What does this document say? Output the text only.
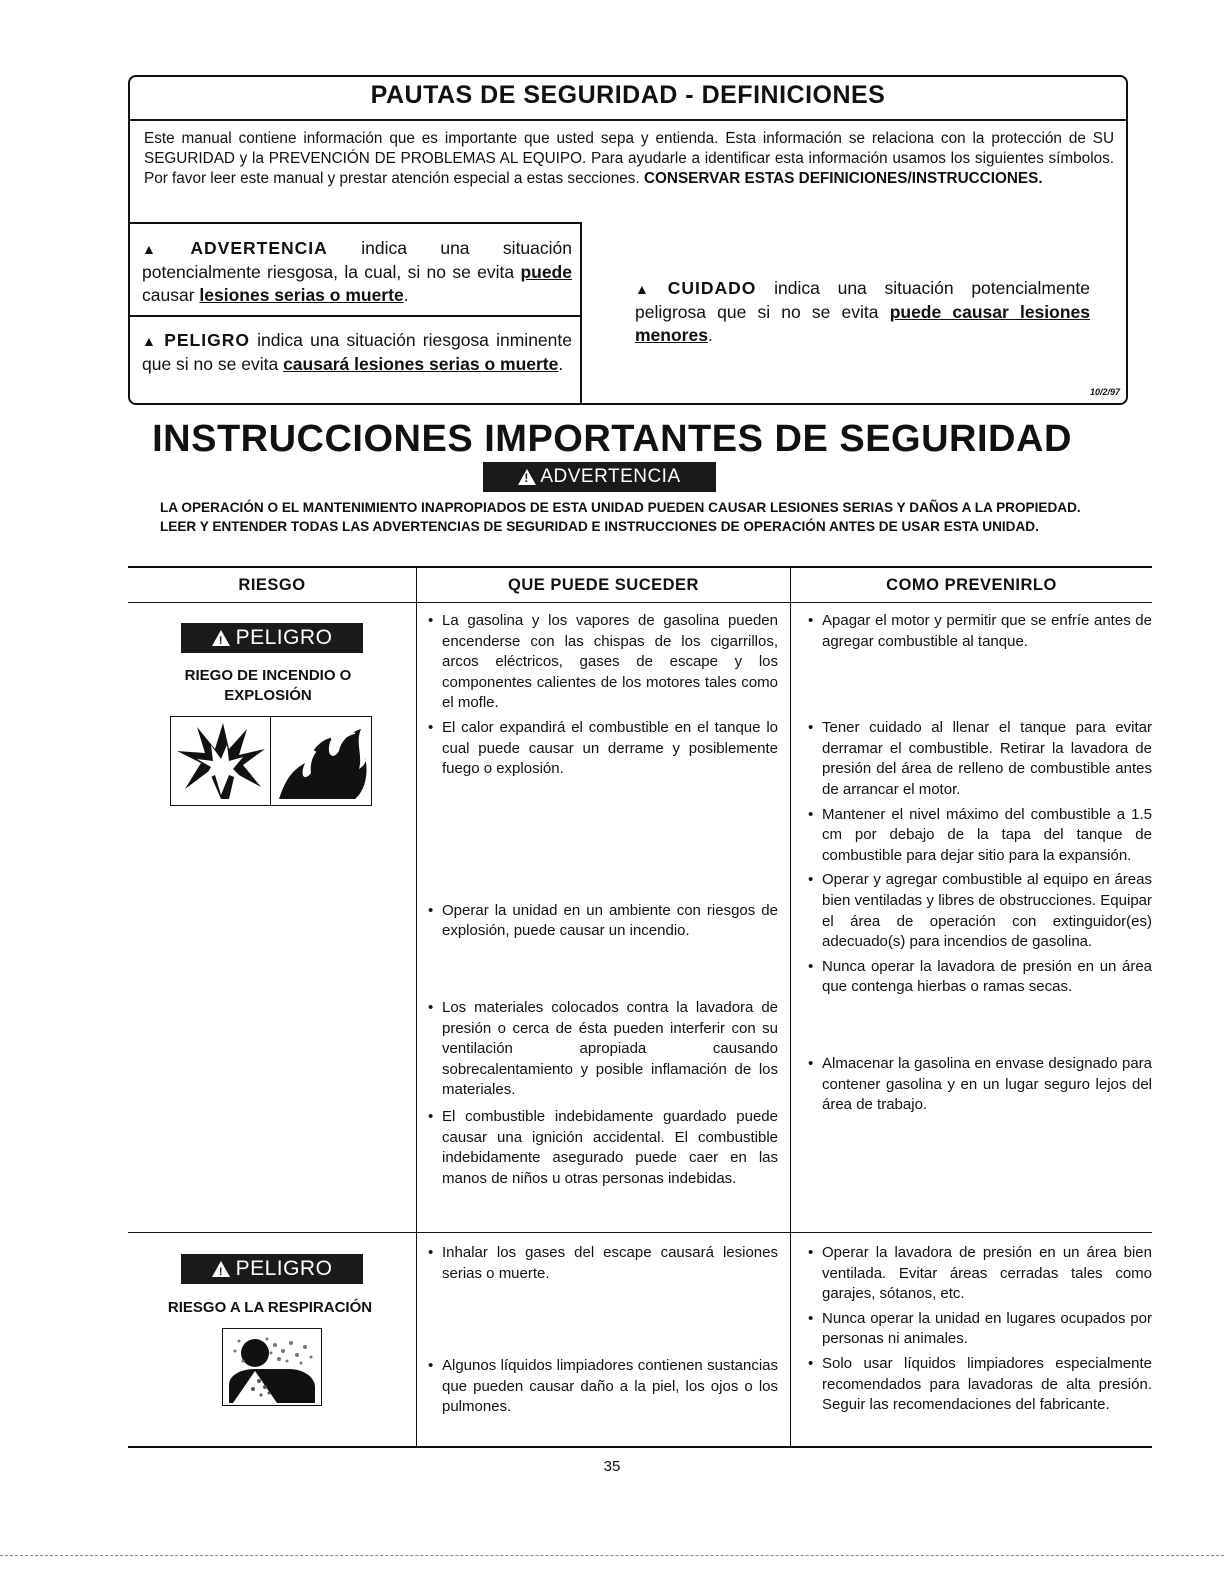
PAUTAS DE SEGURIDAD - DEFINICIONES
Este manual contiene información que es importante que usted sepa y entienda. Esta información se relaciona con la protección de SU SEGURIDAD y la PREVENCIÓN DE PROBLEMAS AL EQUIPO. Para ayudarle a identificar esta información usamos los siguientes símbolos. Por favor leer este manual y prestar atención especial a estas secciones. CONSERVAR ESTAS DEFINICIONES/INSTRUCCIONES.
▲ ADVERTENCIA indica una situación potencialmente riesgosa, la cual, si no se evita puede causar lesiones serias o muerte.
▲ PELIGRO indica una situación riesgosa inminente que si no se evita causará lesiones serias o muerte.
▲ CUIDADO indica una situación potencialmente peligrosa que si no se evita puede causar lesiones menores.
10/2/97
INSTRUCCIONES IMPORTANTES DE SEGURIDAD
!
ADVERTENCIA
LA OPERACIÓN O EL MANTENIMIENTO INAPROPIADOS DE ESTA UNIDAD PUEDEN CAUSAR LESIONES SERIAS Y DAÑOS A LA PROPIEDAD. LEER Y ENTENDER TODAS LAS ADVERTENCIAS DE SEGURIDAD E INSTRUCCIONES DE OPERACIÓN ANTES DE USAR ESTA UNIDAD.
RIESGO	QUE PUEDE SUCEDER	COMO PREVENIRLO
! PELIGRO
RIEGO DE INCENDIO O EXPLOSIÓN
• La gasolina y los vapores de gasolina pueden encenderse con las chispas de los cigarrillos, arcos eléctricos, gases de escape y los componentes calientes de los motores tales como el mofle.
• El calor expandirá el combustible en el tanque lo cual puede causar un derrame y posiblemente fuego o explosión.
• Operar la unidad en un ambiente con riesgos de explosión, puede causar un incendio.
• Los materiales colocados contra la lavadora de presión o cerca de ésta pueden interferir con su ventilación apropiada causando sobrecalentamiento y posible inflamación de los materiales.
• El combustible indebidamente guardado puede causar una ignición accidental. El combustible indebidamente asegurado puede caer en las manos de niños u otras personas indebidas.
• Apagar el motor y permitir que se enfríe antes de agregar combustible al tanque.
• Tener cuidado al llenar el tanque para evitar derramar el combustible. Retirar la lavadora de presión del área de relleno de combustible antes de arrancar el motor.
• Mantener el nivel máximo del combustible a 1.5 cm por debajo de la tapa del tanque de combustible para dejar sitio para la expansión.
• Operar y agregar combustible al equipo en áreas bien ventiladas y libres de obstrucciones. Equipar el área de operación con extinguidor(es) adecuado(s) para incendios de gasolina.
• Nunca operar la lavadora de presión en un área que contenga hierbas o ramas secas.
• Almacenar la gasolina en envase designado para contener gasolina y en un lugar seguro lejos del área de trabajo.
! PELIGRO
RIESGO A LA RESPIRACIÓN
• Inhalar los gases del escape causará lesiones serias o muerte.
• Algunos líquidos limpiadores contienen sustancias que pueden causar daño a la piel, los ojos o los pulmones.
• Operar la lavadora de presión en un área bien ventilada. Evitar áreas cerradas tales como garajes, sótanos, etc.
• Nunca operar la unidad en lugares ocupados por personas ni animales.
• Solo usar líquidos limpiadores especialmente recomendados para lavadoras de alta presión. Seguir las recomendaciones del fabricante.
35
